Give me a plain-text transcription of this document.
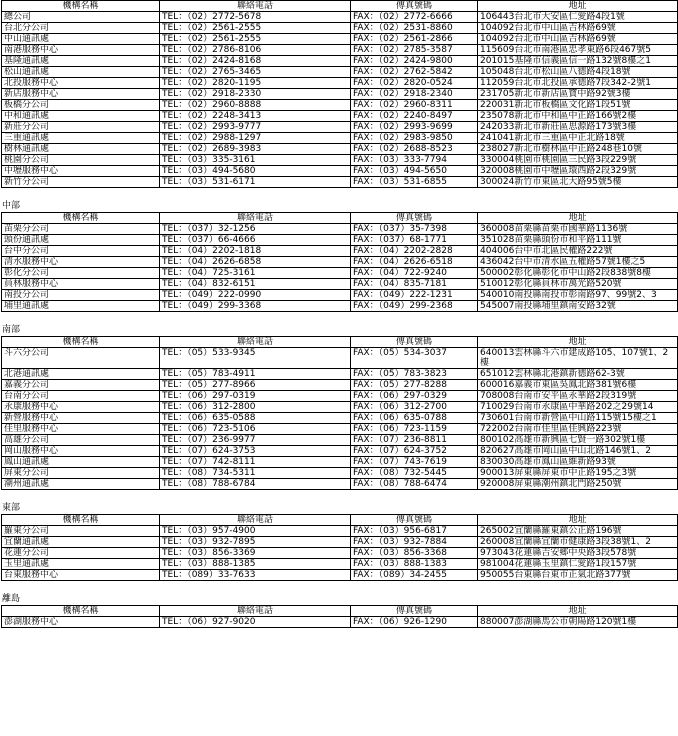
機構名稱	聯絡電話	傳真號碼	地址
總公司	TEL：（02）2772-5678	FAX：（02）2772-6666	106443台北市大安區仁愛路4段1號
台北分公司	TEL：（02）2561-2555	FAX：（02）2531-8860	104092台北市中山區吉林路69號
中山通訊處	TEL：（02）2561-2555	FAX：（02）2561-2866	104092台北市中山區吉林路69號
南港服務中心	TEL：（02）2786-8106	FAX：（02）2785-3587	115609台北市南港區忠孝東路6段467號5
基隆通訊處	TEL：（02）2424-8168	FAX：（02）2424-9800	201015基隆市信義區信一路132號8樓之1
松山通訊處	TEL：（02）2765-3465	FAX：（02）2762-5842	105048台北市松山區八德路4段18號
北投服務中心	TEL：（02）2820-1195	FAX：（02）2820-0524	112059台北市北投區承德路7段342-2號1
新店服務中心	TEL：（02）2918-2330	FAX：（02）2918-2340	231705新北市新店區寶中路92號3樓
板橋分公司	TEL：（02）2960-8888	FAX：（02）2960-8311	220031新北市板橋區文化路1段51號
中和通訊處	TEL：（02）2248-3413	FAX：（02）2240-8497	235078新北市中和區中正路166號2樓
新莊分公司	TEL：（02）2993-9777	FAX：（02）2993-9699	242033新北市新莊區思源路173號3樓
三重通訊處	TEL：（02）2988-1297	FAX：（02）2983-9850	241041新北市三重區中正北路18號
樹林通訊處	TEL：（02）2689-3983	FAX：（02）2688-8523	238027新北市樹林區中正路248巷10號
桃園分公司	TEL：（03）335-3161	FAX：（03）333-7794	330004桃園市桃園區三民路3段229號
中壢服務中心	TEL：（03）494-5680	FAX：（03）494-5650	320008桃園市中壢區環西路2段329號
新竹分公司	TEL：（03）531-6171	FAX：（03）531-6855	300024新竹市東區北大路95號5樓
中部
機構名稱	聯絡電話	傳真號碼	地址
苗栗分公司	TEL：（037）32-1256	FAX：（037）35-7398	360008苗栗縣苗栗市國華路1136號
頭份通訊處	TEL：（037）66-4666	FAX：（037）68-1771	351028苗栗縣頭份市和平路111號
台中分公司	TEL：（04）2202-1818	FAX：（04）2202-2828	404006台中市北區民權路222號
清水服務中心	TEL：（04）2626-6858	FAX：（04）2626-6518	436042台中市清水區五權路57號1樓之5
彰化分公司	TEL：（04）725-3161	FAX：（04）722-9240	500002彰化縣彰化市中山路2段838號8樓
員林服務中心	TEL：（04）832-6151	FAX：（04）835-7181	510012彰化縣員林市萬光路520號
南投分公司	TEL：（049）222-0990	FAX：（049）222-1231	540010南投縣南投市彰南路97、99號2、3
埔里通訊處	TEL：（049）299-3368	FAX：（049）299-2368	545007南投縣埔里鎮南安路32號
南部
機構名稱	聯絡電話	傳真號碼	地址
斗六分公司	TEL：（05）533-9345	FAX：（05）534-3037	640013雲林縣斗六市建成路105、107號1、2樓
北港通訊處	TEL：（05）783-4911	FAX：（05）783-3823	651012雲林縣北港鎮新德路62-3號
嘉義分公司	TEL：（05）277-8966	FAX：（05）277-8288	600016嘉義市東區吳鳳北路381號6樓
台南分公司	TEL：（06）297-0319	FAX：（06）297-0329	708008台南市安平區永華路2段319號
永康服務中心	TEL：（06）312-2800	FAX：（06）312-2700	710029台南市永康區中華路202之29號14
新營服務中心	TEL：（06）635-0588	FAX：（06）635-0788	730601台南市新營區中山路115號15樓之1
佳里服務中心	TEL：（06）723-5106	FAX：（06）723-1159	722002台南市佳里區佳興路223號
高雄分公司	TEL：（07）236-9977	FAX：（07）236-8811	800102高雄市新興區七賢一路302號1樓
岡山服務中心	TEL：（07）624-3753	FAX：（07）624-3752	820627高雄市岡山區中山北路146號1、2
鳳山通訊處	TEL：（07）742-8111	FAX：（07）743-7619	830030高雄市鳳山區維新路93號
屏東分公司	TEL：（08）734-5311	FAX：（08）732-5445	900013屏東縣屏東市中正路195之3號
潮州通訊處	TEL：（08）788-6784	FAX：（08）788-6474	920008屏東縣潮州鎮北門路250號
東部
機構名稱	聯絡電話	傳真號碼	地址
羅東分公司	TEL：（03）957-4900	FAX：（03）956-6817	265002宜蘭縣羅東鎮公正路196號
宜蘭通訊處	TEL：（03）932-7895	FAX：（03）932-7884	260008宜蘭縣宜蘭市健康路3段38號1、2
花蓮分公司	TEL：（03）856-3369	FAX：（03）856-3368	973043花蓮縣吉安鄉中央路3段578號
玉里通訊處	TEL：（03）888-1385	FAX：（03）888-1383	981004花蓮縣玉里鎮仁愛路1段157號
台東服務中心	TEL：（089）33-7633	FAX：（089）34-2455	950055台東縣台東市正氣北路377號
離島
機構名稱	聯絡電話	傳真號碼	地址
澎湖服務中心	TEL：（06）927-9020	FAX：（06）926-1290	880007澎湖縣馬公市朝陽路120號1樓
